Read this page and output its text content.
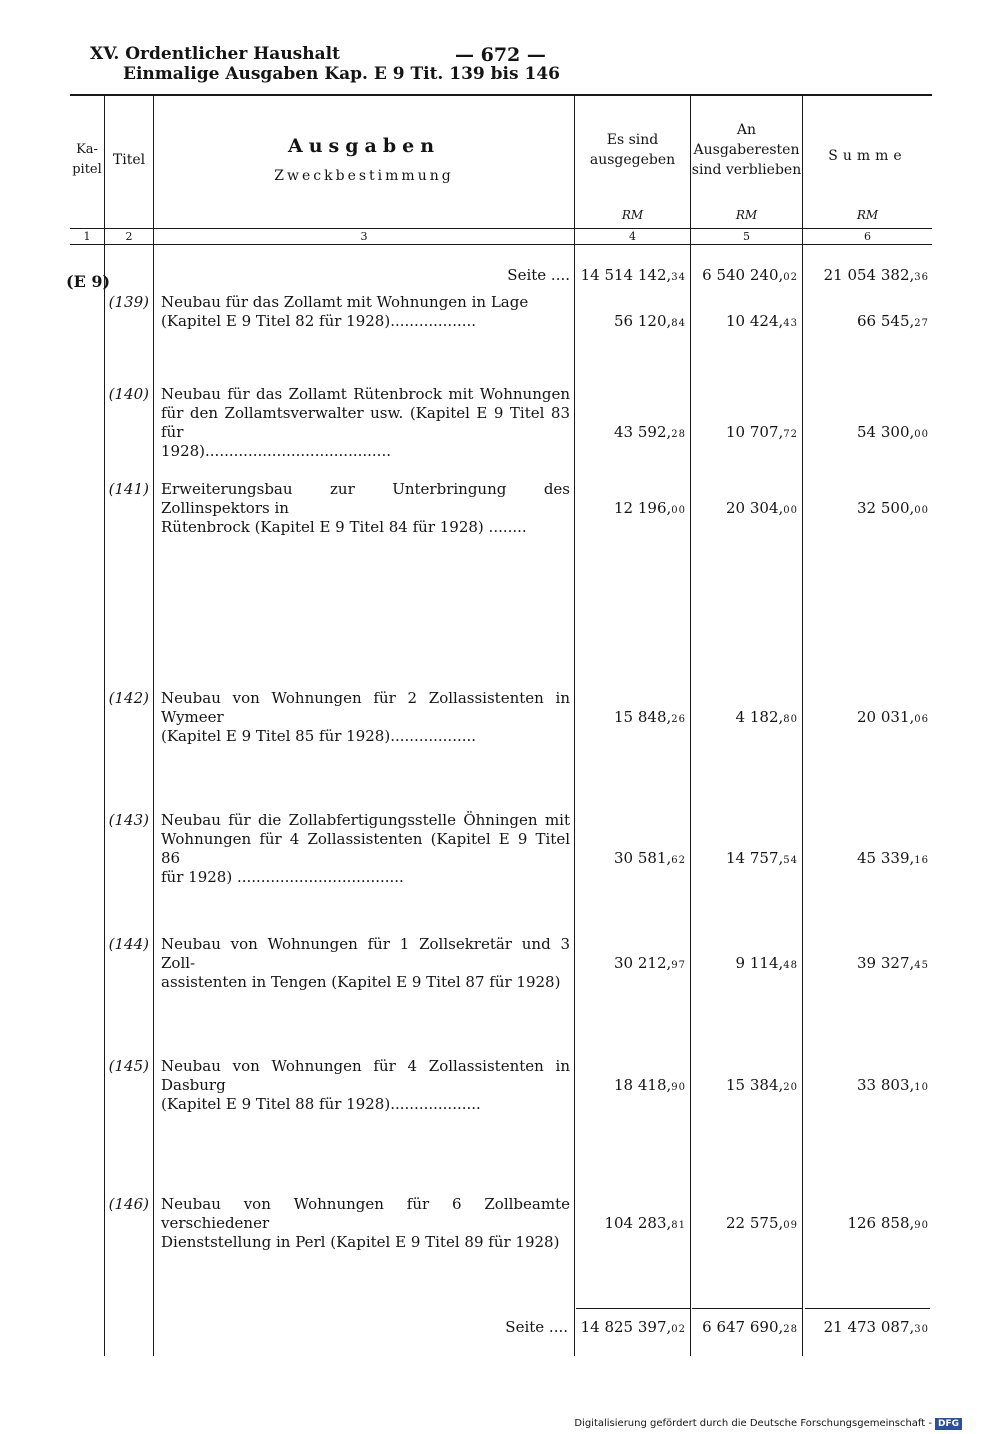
XV. Ordentlicher Haushalt	— 672 —
Einmalige Ausgaben Kap. E 9 Tit. 139 bis 146
Ka-
pitel
Titel
Ausgaben
Zweckbestimmung
Es sind
ausgegeben
An
Ausgaberesten
sind verblieben
Summe
RM	RM	RM
1	2	3	4	5	6
(E 9)	Seite .... 14 514 142,34	6 540 240,02	21 054 382,36
(139) Neubau für das Zollamt mit Wohnungen in Lage
(Kapitel E 9 Titel 82 für 1928)..................	56 120,84	10 424,43	66 545,27
(140) Neubau für das Zollamt Rütenbrock mit Wohnungen für den Zollamtsverwalter usw. (Kapitel E 9 Titel 83 für
1928).......................................
43 592,28	10 707,72	54 300,00
(141) Erweiterungsbau zur Unterbringung des Zollinspektors in
Rütenbrock (Kapitel E 9 Titel 84 für 1928) ........
12 196,00	20 304,00	32 500,00
(142) Neubau von Wohnungen für 2 Zollassistenten in Wymeer
(Kapitel E 9 Titel 85 für 1928)..................
15 848,26	4 182,80	20 031,06
(143) Neubau für die Zollabfertigungsstelle Öhningen mit Wohnungen für 4 Zollassistenten (Kapitel E 9 Titel 86
für 1928) ...................................
30 581,62	14 757,54	45 339,16
(144) Neubau von Wohnungen für 1 Zollsekretär und 3 Zoll-
assistenten in Tengen (Kapitel E 9 Titel 87 für 1928)
30 212,97	9 114,48	39 327,45
(145) Neubau von Wohnungen für 4 Zollassistenten in Dasburg
(Kapitel E 9 Titel 88 für 1928)...................
18 418,90	15 384,20	33 803,10
(146) Neubau von Wohnungen für 6 Zollbeamte verschiedener
Dienststellung in Perl (Kapitel E 9 Titel 89 für 1928)
104 283,81	22 575,09	126 858,90
Seite .... 14 825 397,02	6 647 690,28	21 473 087,30
Digitalisierung gefördert durch die Deutsche Forschungsgemeinschaft - DFG
